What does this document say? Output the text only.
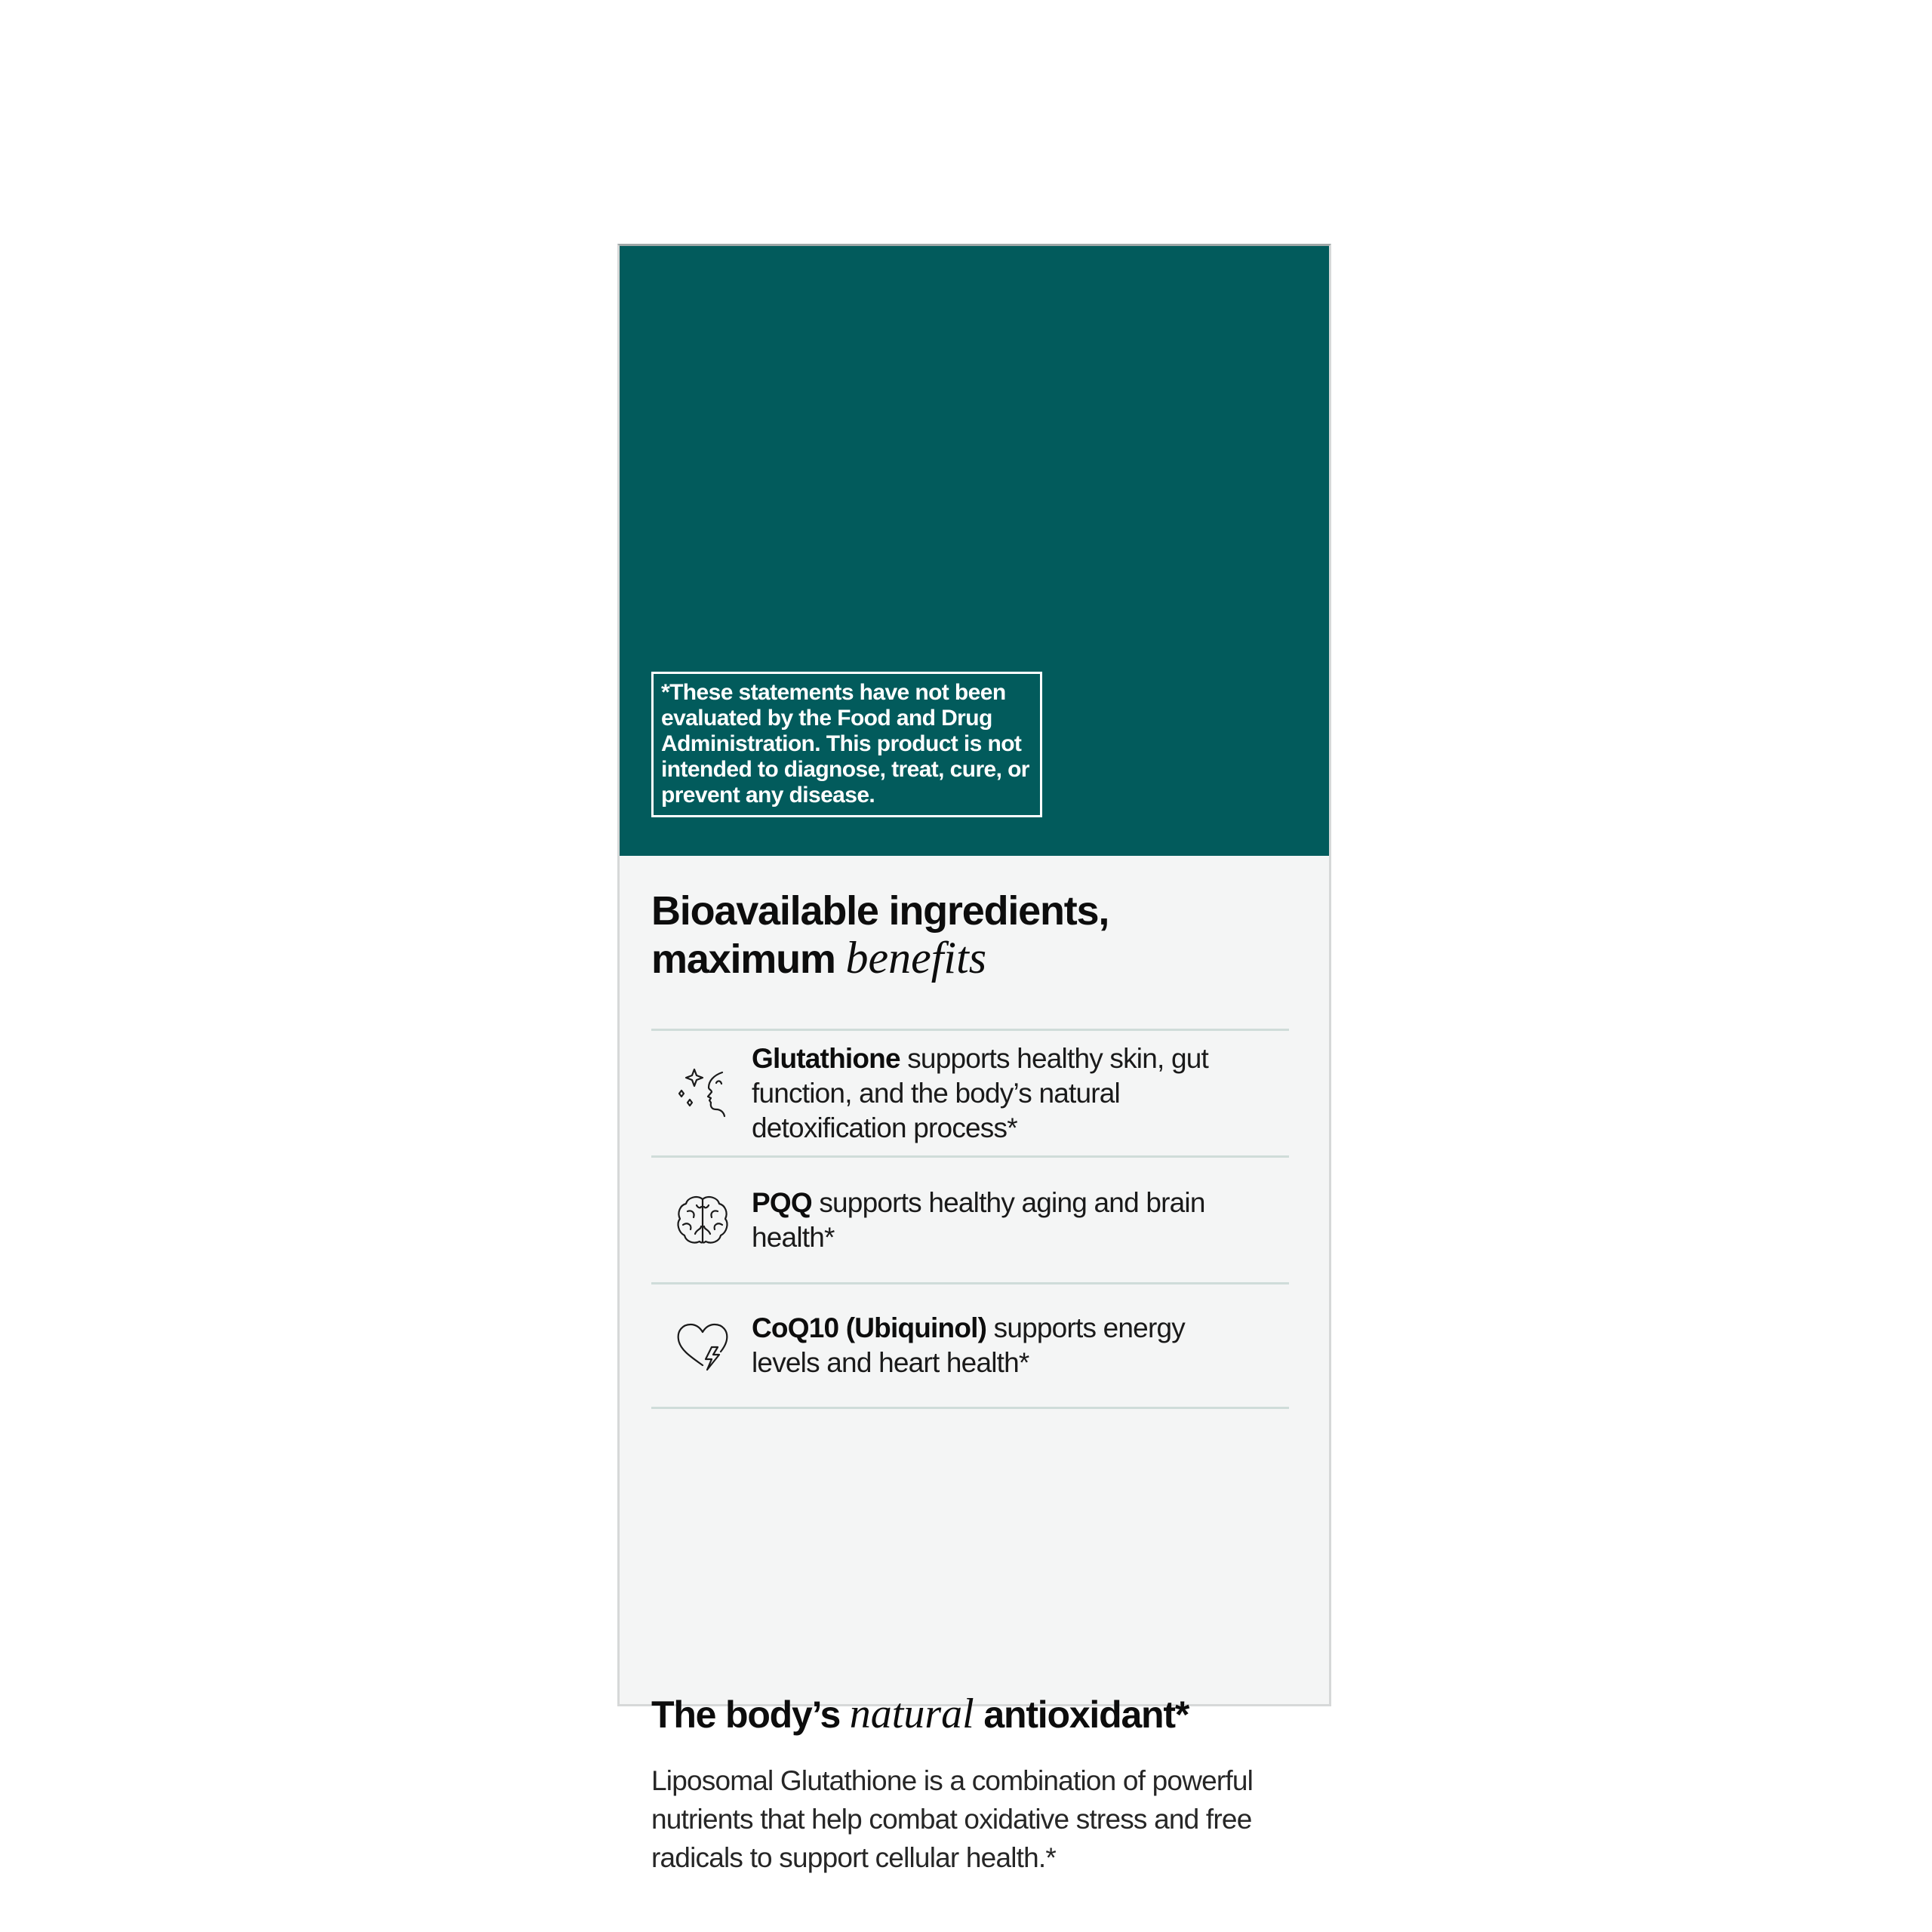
*These statements have not been evaluated by the Food and Drug Administration. This product is not intended to diagnose, treat, cure, or prevent any disease.
Bioavailable ingredients,
maximum benefits
Glutathione supports healthy skin, gut function, and the body’s natural detoxification process*
PQQ supports healthy aging and brain health*
CoQ10 (Ubiquinol) supports energy levels and heart health*
The body’s natural antioxidant*

Liposomal Glutathione is a combination of powerful nutrients that help combat oxidative stress and free radicals to support cellular health.*
